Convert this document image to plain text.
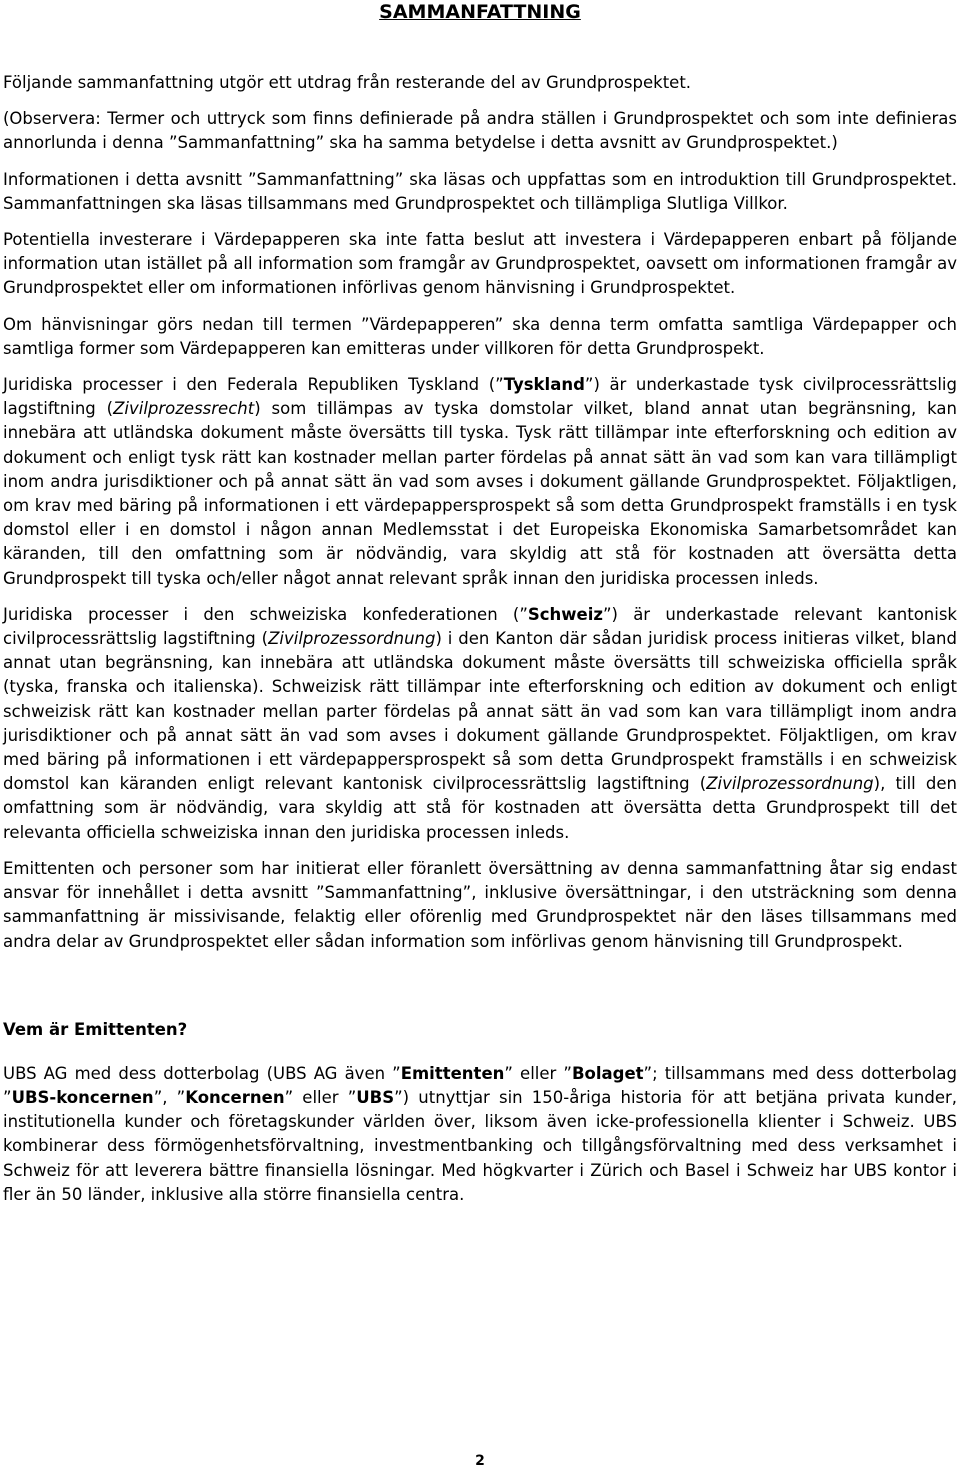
SAMMANFATTNING

Följande sammanfattning utgör ett utdrag från resterande del av Grundprospektet.

(Observera: Termer och uttryck som finns definierade på andra ställen i Grundprospektet och som inte definieras annorlunda i denna ”Sammanfattning” ska ha samma betydelse i detta avsnitt av Grundprospektet.)

Informationen i detta avsnitt ”Sammanfattning” ska läsas och uppfattas som en introduktion till Grundprospektet. Sammanfattningen ska läsas tillsammans med Grundprospektet och tillämpliga Slutliga Villkor.

Potentiella investerare i Värdepapperen ska inte fatta beslut att investera i Värdepapperen enbart på följande information utan istället på all information som framgår av Grundprospektet, oavsett om informationen framgår av Grundprospektet eller om informationen införlivas genom hänvisning i Grundprospektet.

Om hänvisningar görs nedan till termen ”Värdepapperen” ska denna term omfatta samtliga Värdepapper och samtliga former som Värdepapperen kan emitteras under villkoren för detta Grundprospekt.

Juridiska processer i den Federala Republiken Tyskland (”Tyskland”) är underkastade tysk civilprocessrättslig lagstiftning (Zivilprozessrecht) som tillämpas av tyska domstolar vilket, bland annat utan begränsning, kan innebära att utländska dokument måste översätts till tyska. Tysk rätt tillämpar inte efterforskning och edition av dokument och enligt tysk rätt kan kostnader mellan parter fördelas på annat sätt än vad som kan vara tillämpligt inom andra jurisdiktioner och på annat sätt än vad som avses i dokument gällande Grundprospektet. Följaktligen, om krav med bäring på informationen i ett värdepappersprospekt så som detta Grundprospekt framställs i en tysk domstol eller i en domstol i någon annan Medlemsstat i det Europeiska Ekonomiska Samarbetsområdet kan käranden, till den omfattning som är nödvändig, vara skyldig att stå för kostnaden att översätta detta Grundprospekt till tyska och/eller något annat relevant språk innan den juridiska processen inleds.

Juridiska processer i den schweiziska konfederationen (”Schweiz”) är underkastade relevant kantonisk civilprocessrättslig lagstiftning (Zivilprozessordnung) i den Kanton där sådan juridisk process initieras vilket, bland annat utan begränsning, kan innebära att utländska dokument måste översätts till schweiziska officiella språk (tyska, franska och italienska). Schweizisk rätt tillämpar inte efterforskning och edition av dokument och enligt schweizisk rätt kan kostnader mellan parter fördelas på annat sätt än vad som kan vara tillämpligt inom andra jurisdiktioner och på annat sätt än vad som avses i dokument gällande Grundprospektet. Följaktligen, om krav med bäring på informationen i ett värdepappersprospekt så som detta Grundprospekt framställs i en schweizisk domstol kan käranden enligt relevant kantonisk civilprocessrättslig lagstiftning (Zivilprozessordnung), till den omfattning som är nödvändig, vara skyldig att stå för kostnaden att översätta detta Grundprospekt till det relevanta officiella schweiziska innan den juridiska processen inleds.

Emittenten och personer som har initierat eller föranlett översättning av denna sammanfattning åtar sig endast ansvar för innehållet i detta avsnitt ”Sammanfattning”, inklusive översättningar, i den utsträckning som denna sammanfattning är missivisande, felaktig eller oförenlig med Grundprospektet när den läses tillsammans med andra delar av Grundprospektet eller sådan information som införlivas genom hänvisning till Grundprospekt.

Vem är Emittenten?

UBS AG med dess dotterbolag (UBS AG även ”Emittenten” eller ”Bolaget”; tillsammans med dess dotterbolag ”UBS-koncernen”, ”Koncernen” eller ”UBS”) utnyttjar sin 150-åriga historia för att betjäna privata kunder, institutionella kunder och företagskunder världen över, liksom även icke-professionella klienter i Schweiz. UBS kombinerar dess förmögenhetsförvaltning, investmentbanking och tillgångsförvaltning med dess verksamhet i Schweiz för att leverera bättre finansiella lösningar. Med högkvarter i Zürich och Basel i Schweiz har UBS kontor i fler än 50 länder, inklusive alla större finansiella centra.

2
